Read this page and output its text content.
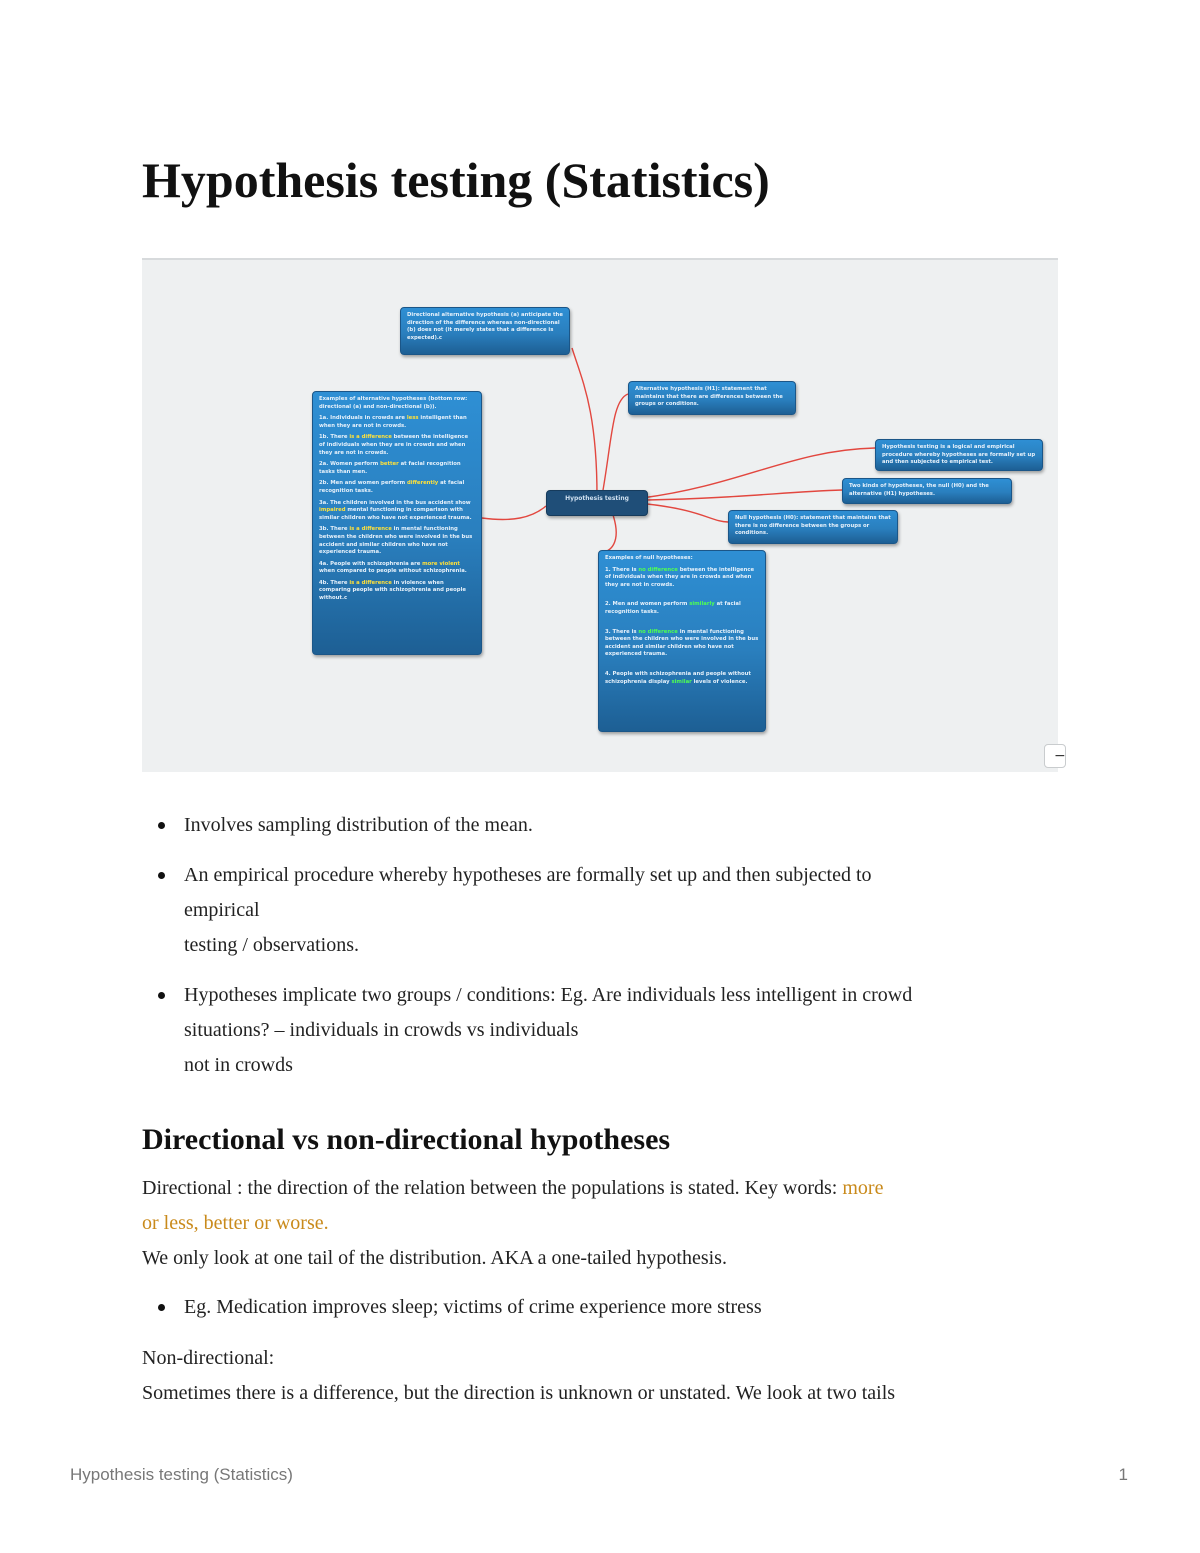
Hypothesis testing (Statistics)
Directional alternative hypothesis (a) anticipate the direction of the difference whereas non-directional (b) does not (it merely states that a difference is expected).c
Alternative hypothesis (H1): statement that maintains that there are differences between the groups or conditions.
Hypothesis testing is a logical and empirical procedure whereby hypotheses are formally set up and then subjected to empirical test.
Two kinds of hypotheses, the null (H0) and the alternative (H1) hypotheses.
Null hypothesis (H0): statement that maintains that there is no difference between the groups or conditions.
Hypothesis testing

Examples of alternative hypotheses (bottom row: directional (a) and non-directional (b)).

1a. Individuals in crowds are less intelligent than when they are not in crowds.

1b. There is a difference between the intelligence of individuals when they are in crowds and when they are not in crowds.

2a. Women perform better at facial recognition tasks than men.

2b. Men and women perform differently at facial recognition tasks.

3a. The children involved in the bus accident show impaired mental functioning in comparison with similar children who have not experienced trauma.

3b. There is a difference in mental functioning between the children who were involved in the bus accident and similar children who have not experienced trauma.

4a. People with schizophrenia are more violent when compared to people without schizophrenia.

4b. There is a difference in violence when comparing people with schizophrenia and people without.c

Examples of null hypotheses:

1. There is no difference between the intelligence of individuals when they are in crowds and when they are not in crowds.

2. Men and women perform similarly at facial recognition tasks.

3. There is no difference in mental functioning between the children who were involved in the bus accident and similar children who have not experienced trauma.

4. People with schizophrenia and people without schizophrenia display similar levels of violence.

−
Involves sampling distribution of the mean.
An empirical procedure whereby hypotheses are formally set up and then subjected to
empirical
testing / observations.
Hypotheses implicate two groups / conditions: Eg. Are individuals less intelligent in crowd
situations? – individuals in crowds vs individuals
not in crowds
Directional vs non-directional hypotheses

Directional : the direction of the relation between the populations is stated. Key words: more
or less, better or worse.
We only look at one tail of the distribution. AKA a one-tailed hypothesis.

Eg. Medication improves sleep; victims of crime experience more stress

Non-directional:
Sometimes there is a difference, but the direction is unknown or unstated. We look at two tails

Hypothesis testing (Statistics)	1
